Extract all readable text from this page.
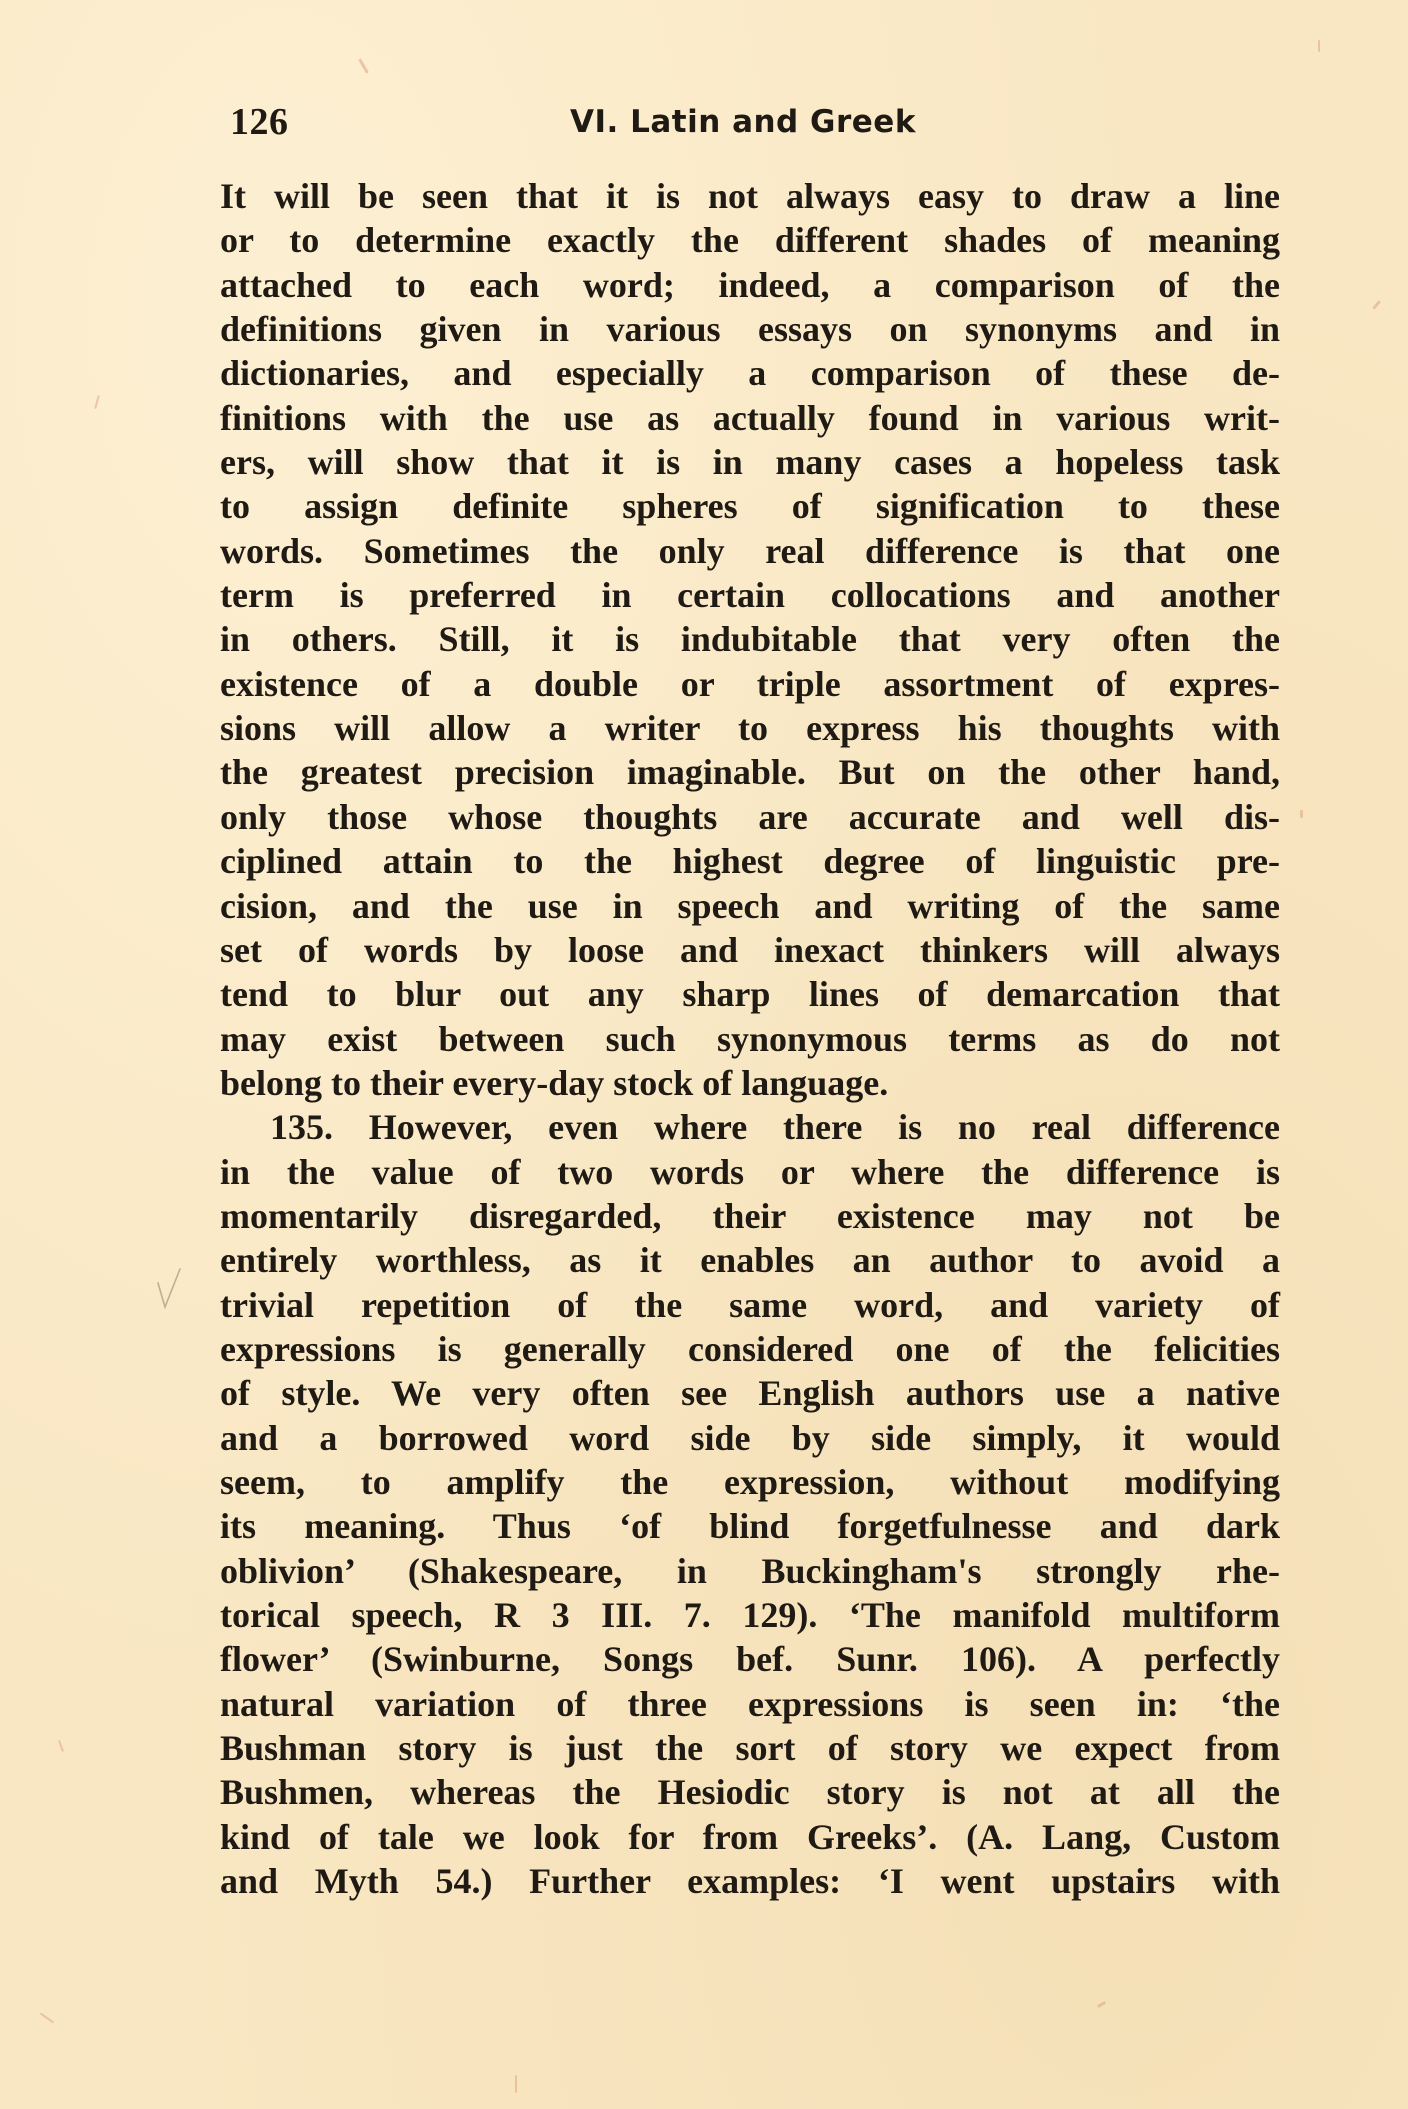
126	VI. Latin and Greek
It will be seen that it is not always easy to draw a line
or to determine exactly the different shades of meaning
attached to each word; indeed, a comparison of the
definitions given in various essays on synonyms and in
dictionaries, and especially a comparison of these de-
finitions with the use as actually found in various writ-
ers, will show that it is in many cases a hopeless task
to assign definite spheres of signification to these
words. Sometimes the only real difference is that one
term is preferred in certain collocations and another
in others. Still, it is indubitable that very often the
existence of a double or triple assortment of expres-
sions will allow a writer to express his thoughts with
the greatest precision imaginable. But on the other hand,
only those whose thoughts are accurate and well dis-
ciplined attain to the highest degree of linguistic pre-
cision, and the use in speech and writing of the same
set of words by loose and inexact thinkers will always
tend to blur out any sharp lines of demarcation that
may exist between such synonymous terms as do not
belong to their every-day stock of language.
135. However, even where there is no real difference
in the value of two words or where the difference is
momentarily disregarded, their existence may not be
entirely worthless, as it enables an author to avoid a
trivial repetition of the same word, and variety of
expressions is generally considered one of the felicities
of style. We very often see English authors use a native
and a borrowed word side by side simply, it would
seem, to amplify the expression, without modifying
its meaning. Thus ‘of blind forgetfulnesse and dark
oblivion’ (Shakespeare, in Buckingham's strongly rhe-
torical speech, R 3 III. 7. 129). ‘The manifold multiform
flower’ (Swinburne, Songs bef. Sunr. 106). A perfectly
natural variation of three expressions is seen in: ‘the
Bushman story is just the sort of story we expect from
Bushmen, whereas the Hesiodic story is not at all the
kind of tale we look for from Greeks’. (A. Lang, Custom
and Myth 54.) Further examples: ‘I went upstairs with
